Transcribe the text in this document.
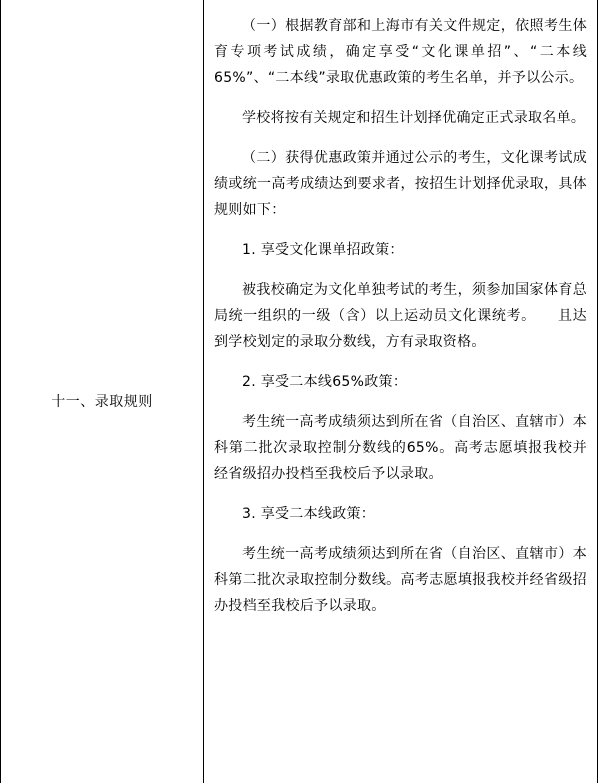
十一、录取规则

（一）根据教育部和上海市有关文件规定，依照考生体育专项考试成绩，确定享受“文化课单招”、“二本线65%”、“二本线”录取优惠政策的考生名单，并予以公示。

学校将按有关规定和招生计划择优确定正式录取名单。

（二）获得优惠政策并通过公示的考生，文化课考试成绩或统一高考成绩达到要求者，按招生计划择优录取，具体规则如下：

1. 享受文化课单招政策：

被我校确定为文化单独考试的考生，须参加国家体育总局统一组织的一级（含）以上运动员文化课统考。　　且达到学校划定的录取分数线，方有录取资格。

2. 享受二本线65%政策：

考生统一高考成绩须达到所在省（自治区、直辖市）本科第二批次录取控制分数线的65%。高考志愿填报我校并经省级招办投档至我校后予以录取。

3. 享受二本线政策：

考生统一高考成绩须达到所在省（自治区、直辖市）本科第二批次录取控制分数线。高考志愿填报我校并经省级招办投档至我校后予以录取。
